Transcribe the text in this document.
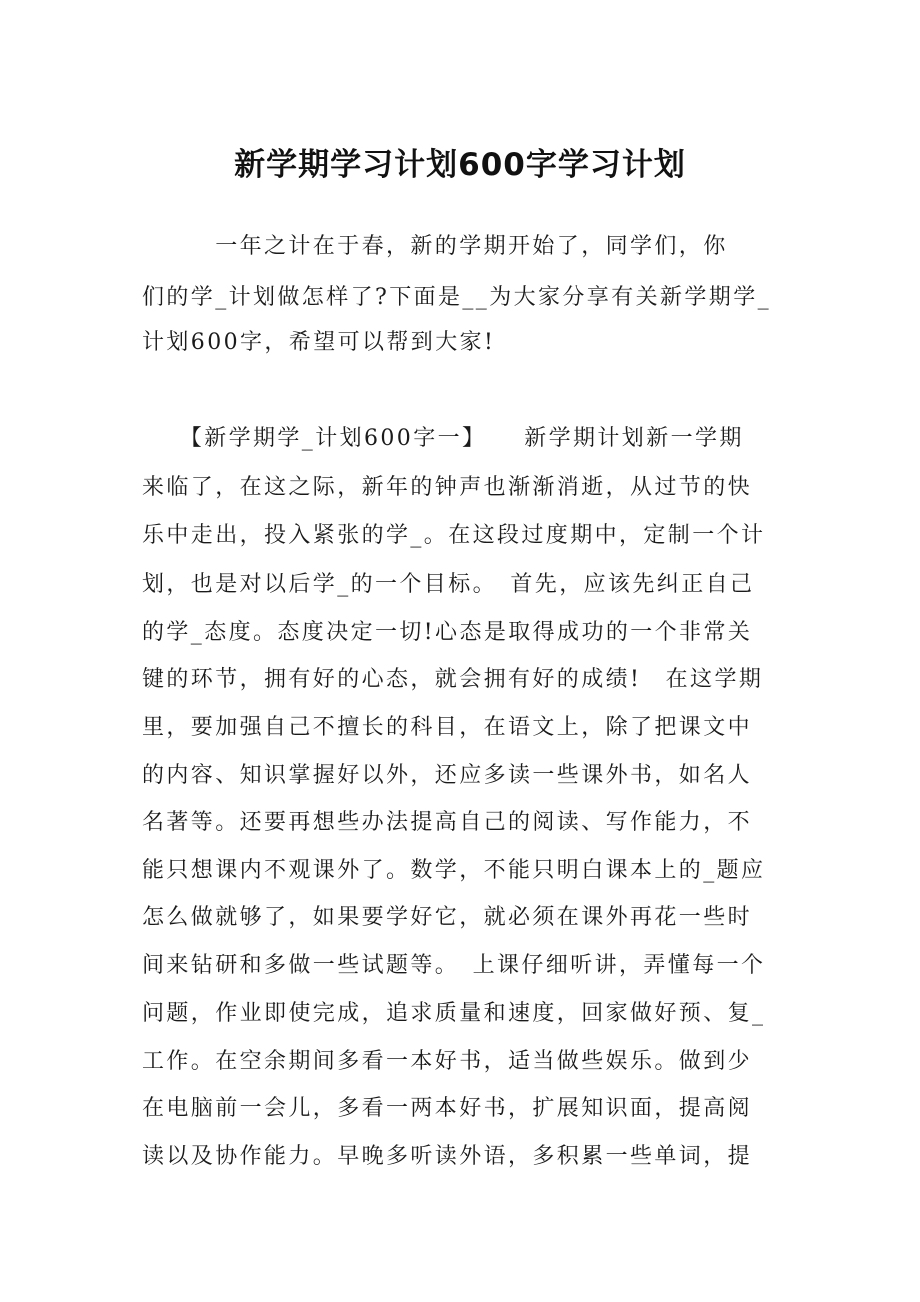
新学期学习计划600字学习计划
　　　一年之计在于春，新的学期开始了，同学们，你
们的学_计划做怎样了?下面是__为大家分享有关新学期学_
计划600字，希望可以帮到大家!
　　【新学期学_计划600字一】　　新学期计划新一学期
来临了，在这之际，新年的钟声也渐渐消逝，从过节的快
乐中走出，投入紧张的学_。在这段过度期中，定制一个计
划，也是对以后学_的一个目标。　首先，应该先纠正自己
的学_态度。态度决定一切!心态是取得成功的一个非常关
键的环节，拥有好的心态，就会拥有好的成绩!　在这学期
里，要加强自己不擅长的科目，在语文上，除了把课文中
的内容、知识掌握好以外，还应多读一些课外书，如名人
名著等。还要再想些办法提高自己的阅读、写作能力，不
能只想课内不观课外了。数学，不能只明白课本上的_题应
怎么做就够了，如果要学好它，就必须在课外再花一些时
间来钻研和多做一些试题等。　上课仔细听讲，弄懂每一个
问题，作业即使完成，追求质量和速度，回家做好预、复_
工作。在空余期间多看一本好书，适当做些娱乐。做到少
在电脑前一会儿，多看一两本好书，扩展知识面，提高阅
读以及协作能力。早晚多听读外语，多积累一些单词，提
